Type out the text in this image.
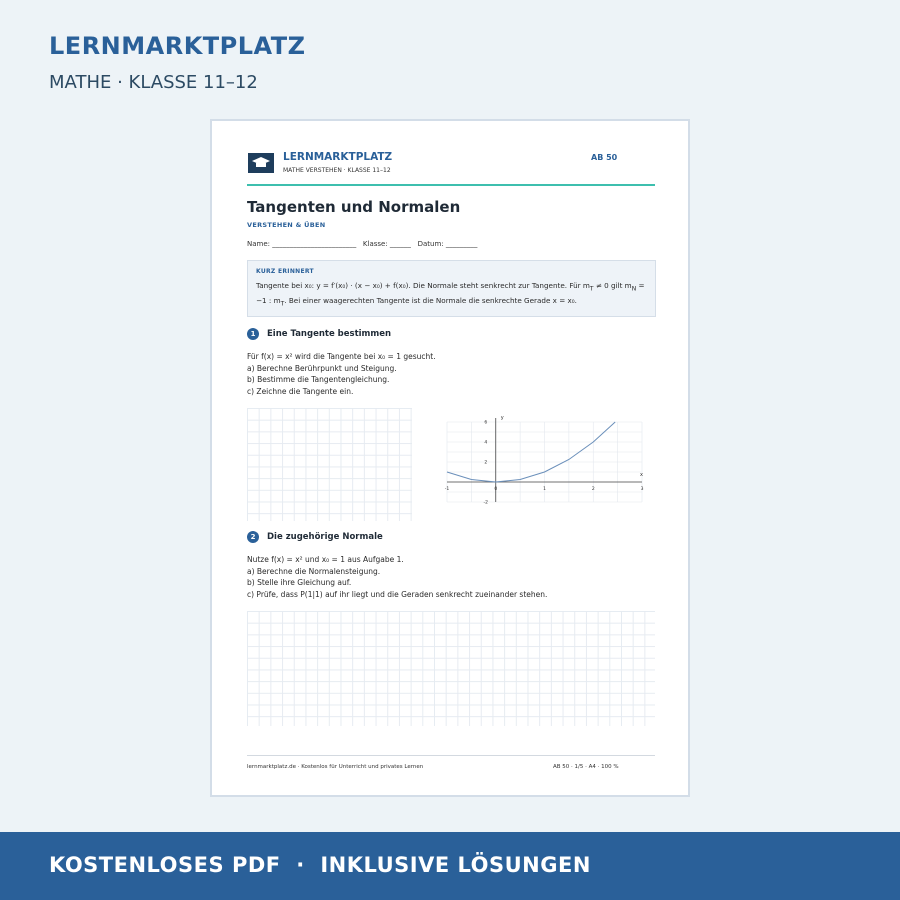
LERNMARKTPLATZ
MATHE · KLASSE 11–12
LERNMARKTPLATZ
MATHE VERSTEHEN · KLASSE 11–12
AB 50
Tangenten und Normalen
VERSTEHEN & ÜBEN
Name: ________________________   Klasse: ______   Datum: _________
KURZ ERINNERT
Tangente bei x₀: y = f′(x₀) · (x − x₀) + f(x₀). Die Normale steht senkrecht zur Tangente. Für $m_T \ne 0$ gilt $m_N = -1$ : $m_T$. Bei einer waagerechten Tangente ist die Normale die senkrechte Gerade x = x₀.
1	Eine Tangente bestimmen
Für f(x) = x² wird die Tangente bei x₀ = 1 gesucht.
a) Berechne Berührpunkt und Steigung.
b) Bestimme die Tangentengleichung.
c) Zeichne die Tangente ein.
-1	0	1	2	3
6
4
2
-2
y
x
2	Die zugehörige Normale
Nutze f(x) = x² und x₀ = 1 aus Aufgabe 1.
a) Berechne die Normalensteigung.
b) Stelle ihre Gleichung auf.
c) Prüfe, dass P(1|1) auf ihr liegt und die Geraden senkrecht zueinander stehen.
lernmarktplatz.de · Kostenlos für Unterricht und privates Lernen	AB 50 · 1/5 · A4 · 100 %
KOSTENLOSES PDF  ·  INKLUSIVE LÖSUNGEN
